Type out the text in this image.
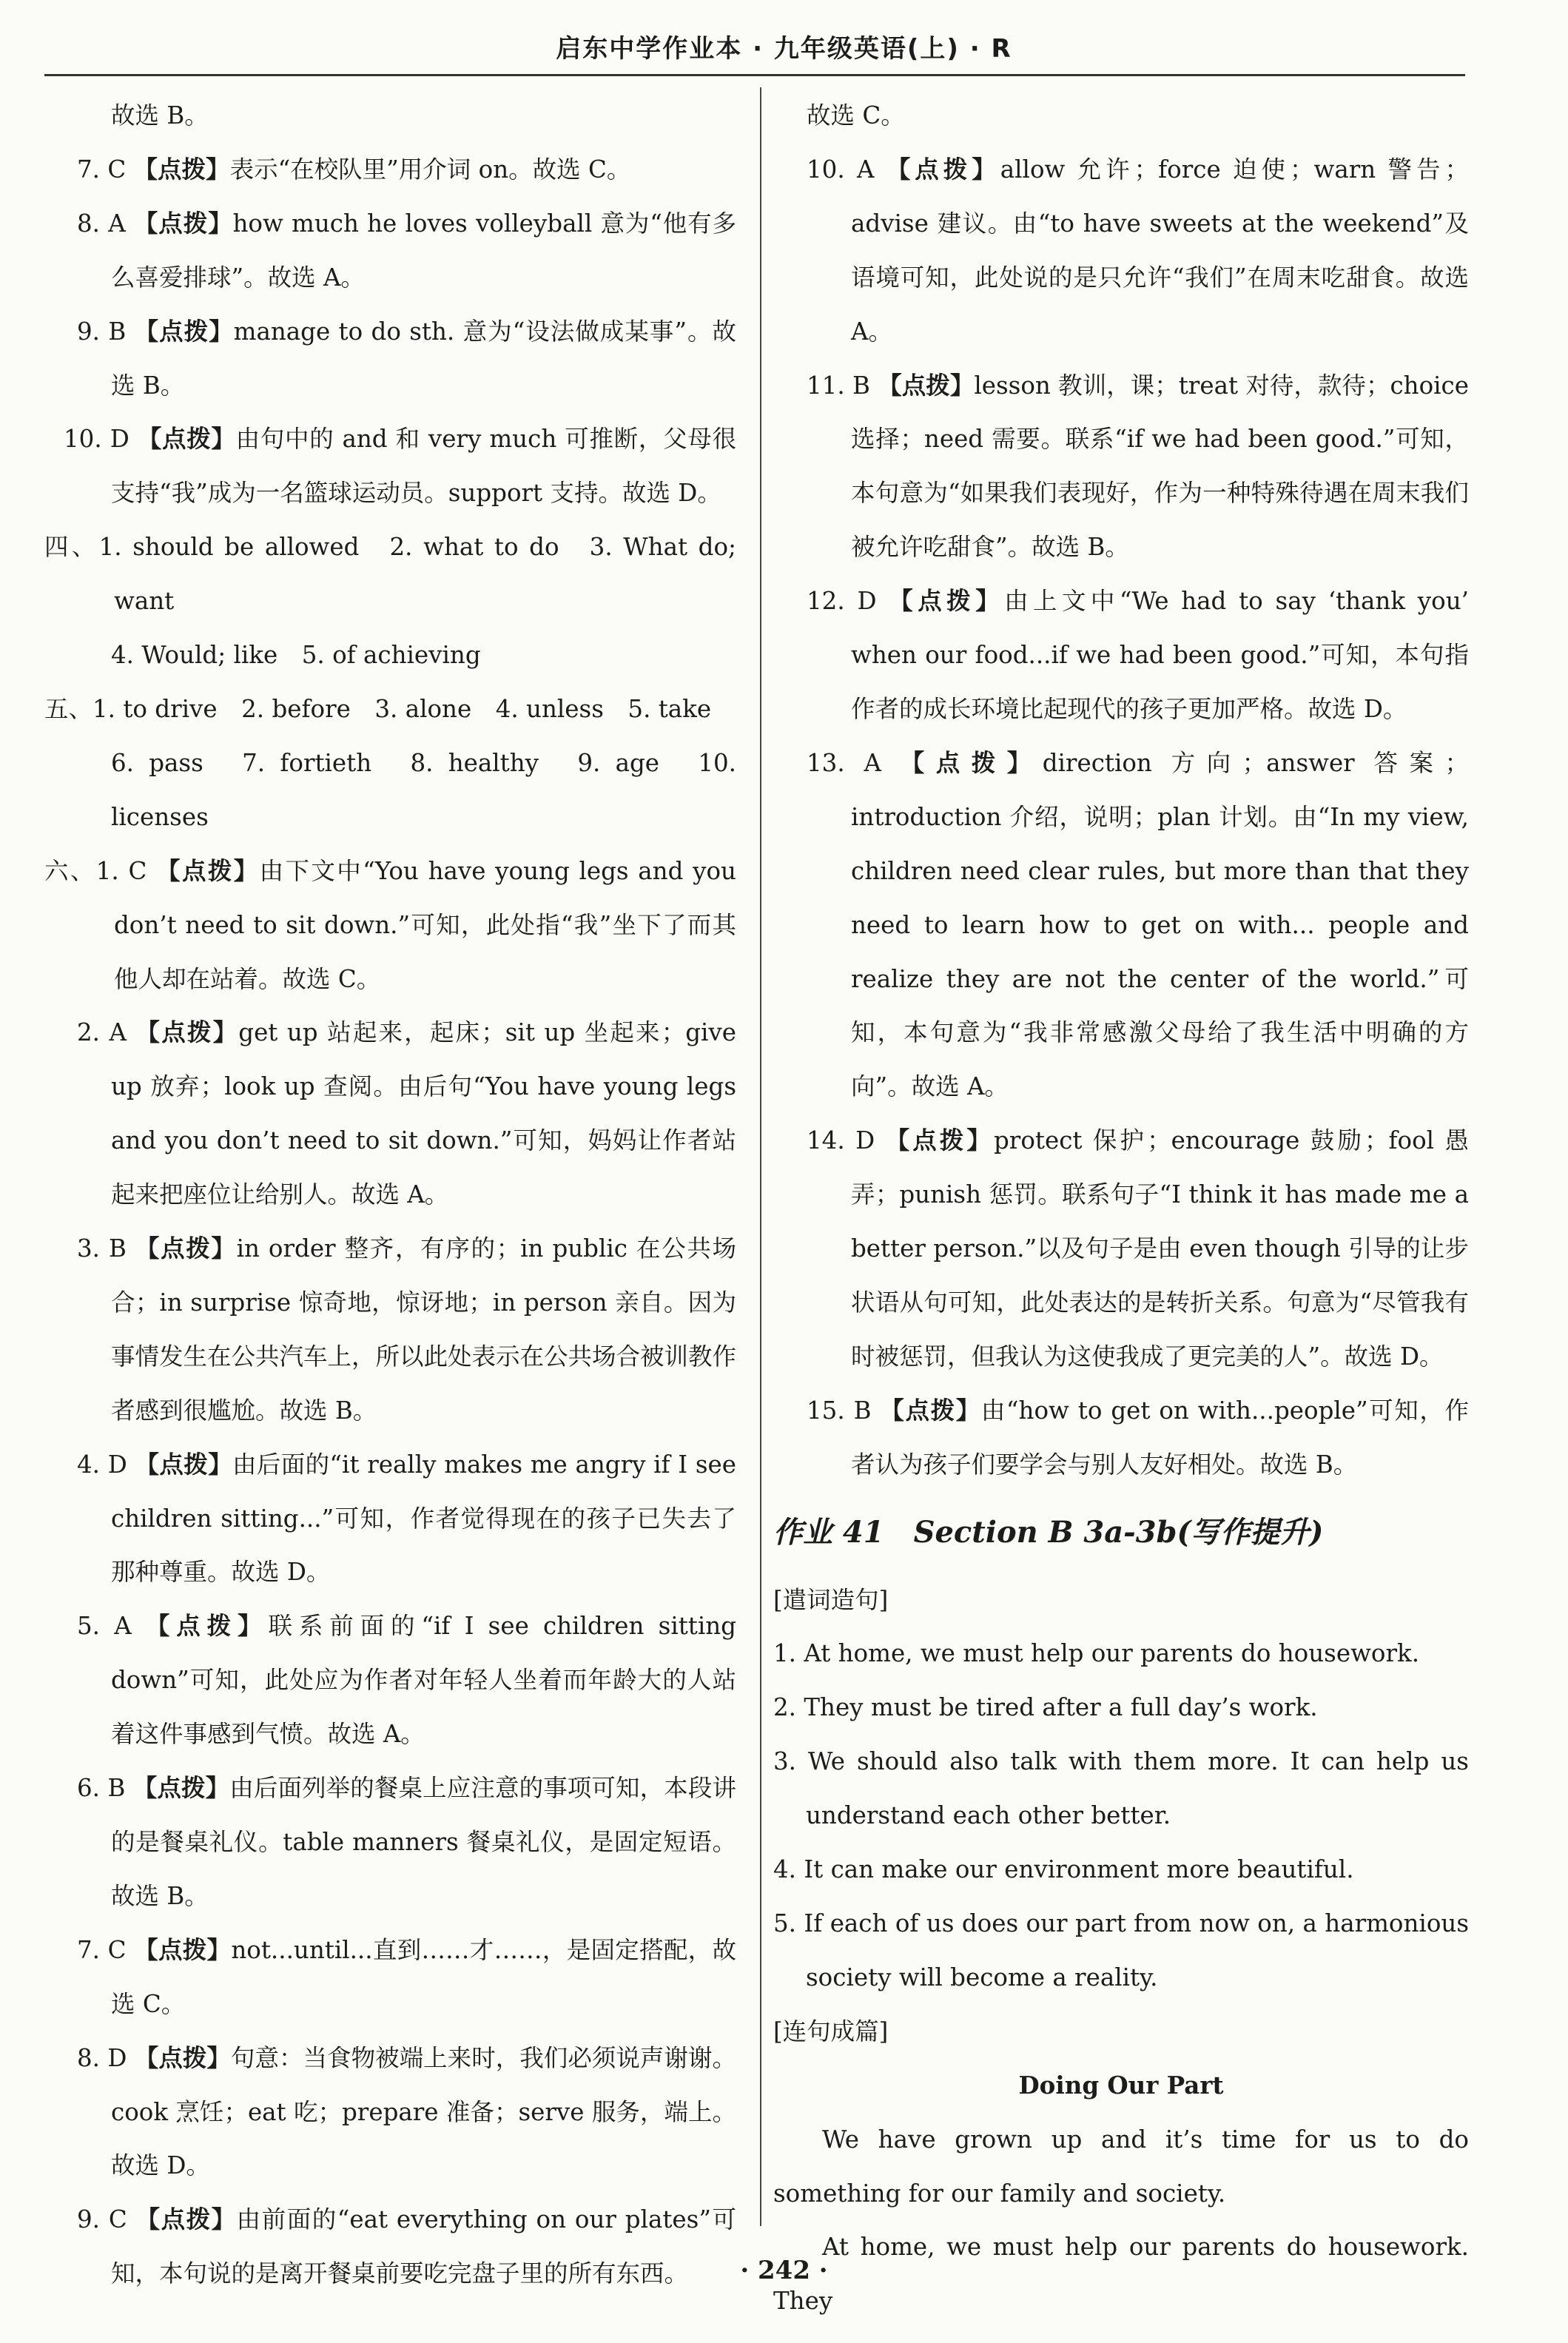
启东中学作业本 · 九年级英语(上) · R

故选 B。

7. C 【点拨】表示“在校队里”用介词 on。故选 C。

8. A 【点拨】how much he loves volleyball 意为“他有多么喜爱排球”。故选 A。

9. B 【点拨】manage to do sth. 意为“设法做成某事”。故选 B。

10. D 【点拨】由句中的 and 和 very much 可推断，父母很支持“我”成为一名篮球运动员。support 支持。故选 D。

四、1. should be allowed　2. what to do　3. What do; want

4. Would; like　5. of achieving

五、1. to drive　2. before　3. alone　4. unless　5. take

6. pass　7. fortieth　8. healthy　9. age　10. licenses

六、1. C 【点拨】由下文中“You have young legs and you don’t need to sit down.”可知，此处指“我”坐下了而其他人却在站着。故选 C。

2. A 【点拨】get up 站起来，起床；sit up 坐起来；give up 放弃；look up 查阅。由后句“You have young legs and you don’t need to sit down.”可知，妈妈让作者站起来把座位让给别人。故选 A。

3. B 【点拨】in order 整齐，有序的；in public 在公共场合；in surprise 惊奇地，惊讶地；in person 亲自。因为事情发生在公共汽车上，所以此处表示在公共场合被训教作者感到很尴尬。故选 B。

4. D 【点拨】由后面的“it really makes me angry if I see children sitting...”可知，作者觉得现在的孩子已失去了那种尊重。故选 D。

5. A 【点拨】联系前面的“if I see children sitting down”可知，此处应为作者对年轻人坐着而年龄大的人站着这件事感到气愤。故选 A。

6. B 【点拨】由后面列举的餐桌上应注意的事项可知，本段讲的是餐桌礼仪。table manners 餐桌礼仪，是固定短语。故选 B。

7. C 【点拨】not...until...直到……才……，是固定搭配，故选 C。

8. D 【点拨】句意：当食物被端上来时，我们必须说声谢谢。cook 烹饪；eat 吃；prepare 准备；serve 服务，端上。故选 D。

9. C 【点拨】由前面的“eat everything on our plates”可知，本句说的是离开餐桌前要吃完盘子里的所有东西。

故选 C。

10. A 【点拨】allow 允许；force 迫使；warn 警告；advise 建议。由“to have sweets at the weekend”及语境可知，此处说的是只允许“我们”在周末吃甜食。故选 A。

11. B 【点拨】lesson 教训，课；treat 对待，款待；choice 选择；need 需要。联系“if we had been good.”可知，本句意为“如果我们表现好，作为一种特殊待遇在周末我们被允许吃甜食”。故选 B。

12. D 【点拨】由上文中“We had to say ‘thank you’ when our food...if we had been good.”可知，本句指作者的成长环境比起现代的孩子更加严格。故选 D。

13. A 【点拨】direction 方向；answer 答案；introduction 介绍，说明；plan 计划。由“In my view, children need clear rules, but more than that they need to learn how to get on with... people and realize they are not the center of the world.”可知，本句意为“我非常感激父母给了我生活中明确的方向”。故选 A。

14. D 【点拨】protect 保护；encourage 鼓励；fool 愚弄；punish 惩罚。联系句子“I think it has made me a better person.”以及句子是由 even though 引导的让步状语从句可知，此处表达的是转折关系。句意为“尽管我有时被惩罚，但我认为这使我成了更完美的人”。故选 D。

15. B 【点拨】由“how to get on with...people”可知，作者认为孩子们要学会与别人友好相处。故选 B。

作业 41　Section B 3a-3b(写作提升)

[遣词造句]

1. At home, we must help our parents do housework.

2. They must be tired after a full day’s work.

3. We should also talk with them more. It can help us understand each other better.

4. It can make our environment more beautiful.

5. If each of us does our part from now on, a harmonious society will become a reality.

[连句成篇]

Doing Our Part

We have grown up and it’s time for us to do something for our family and society.

At home, we must help our parents do housework. They

· 242 ·
